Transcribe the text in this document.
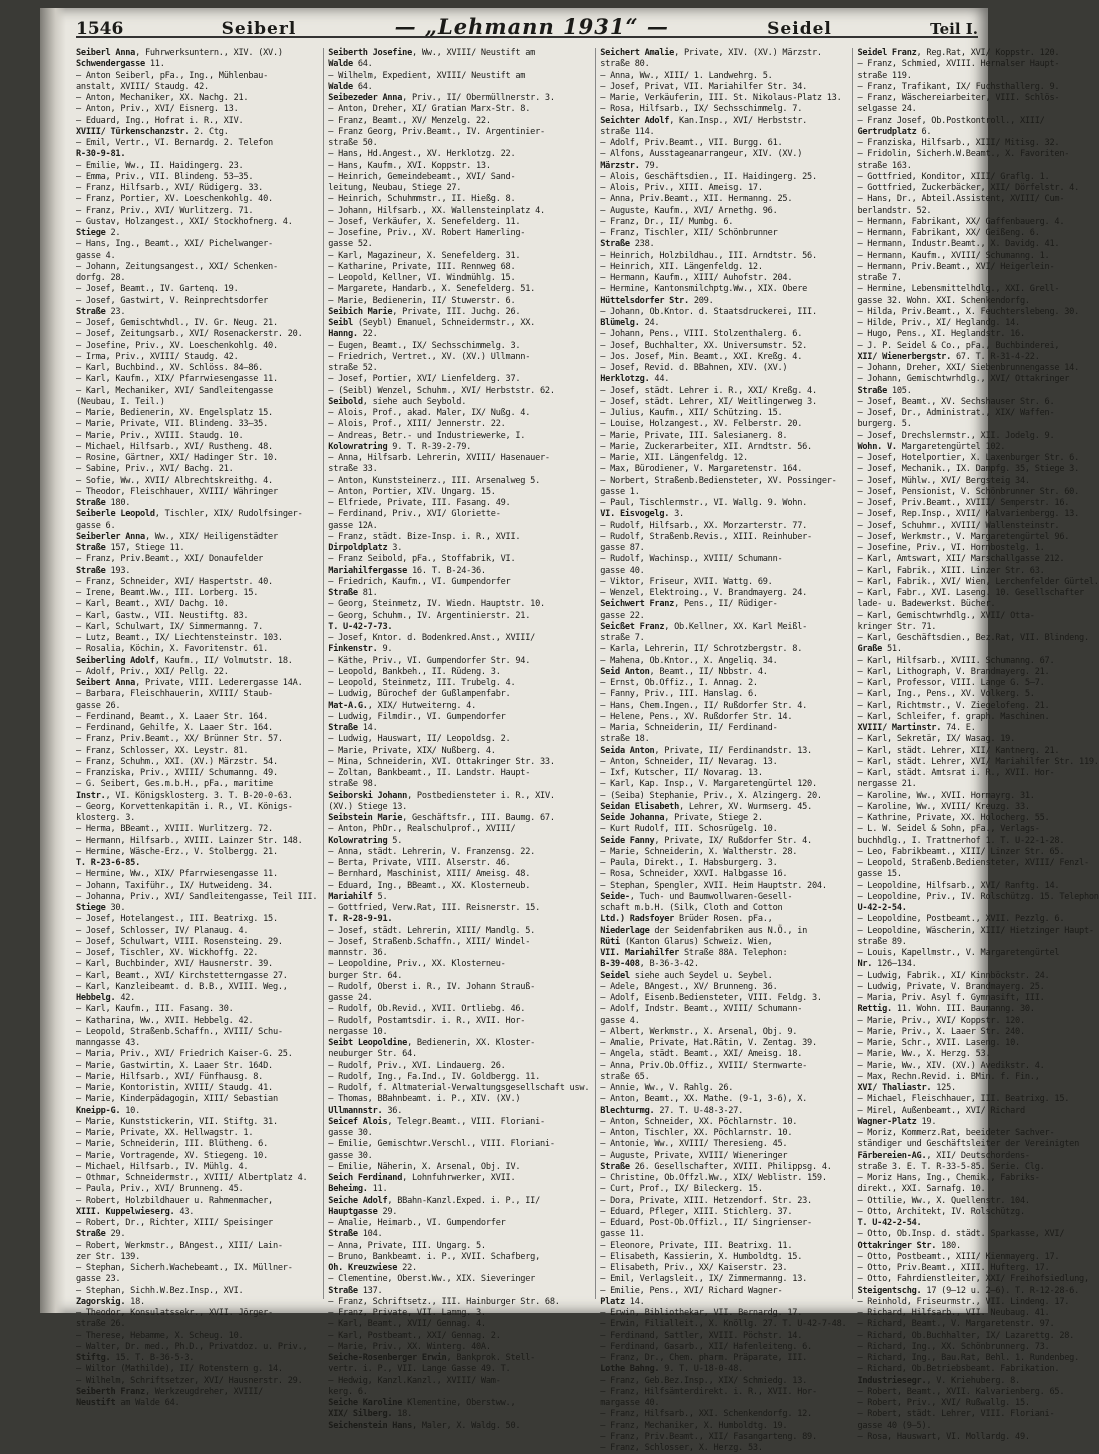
1546	Seiberl	— „Lehmann 1931“ —	Seidel	Teil I.
Seiberl Anna, Fuhrwerksuntern., XIV. (XV.)
Schwendergasse 11.
— Anton Seiberl, pFa., Ing., Mühlenbau-
anstalt, XVIII/ Staudg. 42.
— Anton, Mechaniker, XX. Nachg. 21.
— Anton, Priv., XVI/ Eisnerg. 13.
— Eduard, Ing., Hofrat i. R., XIV.
XVIII/ Türkenschanzstr. 2. Ctg.
— Emil, Vertr., VI. Bernardg. 2. Telefon
R-30-9-81.
— Emilie, Ww., II. Haidingerg. 23.
— Emma, Priv., VII. Blindeng. 53–35.
— Franz, Hilfsarb., XVI/ Rüdigerg. 33.
— Franz, Portier, XV. Loeschenkohlg. 40.
— Franz, Priv., XVI/ Wurlitzerg. 71.
— Gustav, Holzangest., XXI/ Stockhofnerg. 4.
Stiege 2.
— Hans, Ing., Beamt., XXI/ Pichelwanger-
gasse 4.
— Johann, Zeitungsangest., XXI/ Schenken-
dorfg. 28.
— Josef, Beamt., IV. Gartenq. 19.
— Josef, Gastwirt, V. Reinprechtsdorfer
Straße 23.
— Josef, Gemischtwhdl., IV. Gr. Neug. 21.
— Josef, Zeitungsarb., XVI/ Rosenackerstr. 20.
— Josefine, Priv., XV. Loeschenkohlg. 40.
— Irma, Priv., XVIII/ Staudg. 42.
— Karl, Buchbind., XV. Schlöss. 84–86.
— Karl, Kaufm., XIX/ Pfarrwiesengasse 11.
— Karl, Mechaniker, XVI/ Sandleitengasse
(Neubau, I. Teil.)
— Marie, Bedienerin, XV. Engelsplatz 15.
— Marie, Private, VII. Blindeng. 33–35.
— Marie, Priv., XVIII. Staudg. 10.
— Michael, Hilfsarb., XVI/ Rustheng. 48.
— Rosine, Gärtner, XXI/ Hadinger Str. 10.
— Sabine, Priv., XVI/ Bachg. 21.
— Sofie, Ww., XVII/ Albrechtskreithg. 4.
— Theodor, Fleischhauer, XVIII/ Währinger
Straße 180.
Seiberle Leopold, Tischler, XIX/ Rudolfsinger-
gasse 6.
Seiberler Anna, Ww., XIX/ Heiligenstädter
Straße 157, Stiege 11.
— Franz, Priv.Beamt., XXI/ Donaufelder
Straße 193.
— Franz, Schneider, XVI/ Haspertstr. 40.
— Irene, Beamt.Ww., III. Lorberg. 15.
— Karl, Beamt., XVI/ Dachg. 10.
— Karl, Gastw., VII. Neustiftg. 83.
— Karl, Schulwart, IX/ Simmermanng. 7.
— Lutz, Beamt., IX/ Liechtensteinstr. 103.
— Rosalia, Köchin, X. Favoritenstr. 61.
Seiberling Adolf, Kaufm., II/ Volmutstr. 18.
— Adolf, Priv., XXI/ Pellg. 22.
Seibert Anna, Private, VIII. Lederergasse 14A.
— Barbara, Fleischhauerin, XVIII/ Staub-
gasse 26.
— Ferdinand, Beamt., X. Laaer Str. 164.
— Ferdinand, Gehilfe, X. Laaer Str. 164.
— Franz, Priv.Beamt., XX/ Brünner Str. 57.
— Franz, Schlosser, XX. Leystr. 81.
— Franz, Schuhm., XXI. (XV.) Märzstr. 54.
— Franziska, Priv., XVIII/ Schumanng. 49.
— G. Seibert, Ges.m.b.H., pFa., maritime
Instr., VI. Königsklosterg. 3. T. B-20-0-63.
— Georg, Korvettenkapitän i. R., VI. Königs-
klosterg. 3.
— Herma, BBeamt., XVIII. Wurlitzerg. 72.
— Hermann, Hilfsarb., XVIII. Lainzer Str. 148.
— Hermine, Wäsche-Erz., V. Stolbergg. 21.
T. R-23-6-85.
— Hermine, Ww., XIX/ Pfarrwiesengasse 11.
— Johann, Taxiführ., IX/ Hutweideng. 34.
— Johanna, Priv., XVI/ Sandleitengasse, Teil III.
Stiege 30.
— Josef, Hotelangest., III. Beatrixg. 15.
— Josef, Schlosser, IV/ Planaug. 4.
— Josef, Schulwart, VIII. Rosensteing. 29.
— Josef, Tischler, XV. Wickhoffg. 22.
— Karl, Buchbinder, XVI/ Hausnerstr. 39.
— Karl, Beamt., XVI/ Kirchstetterngasse 27.
— Karl, Kanzleibeamt. d. B.B., XVIII. Weg.,
Hebbelg. 42.
— Karl, Kaufm., III. Fasang. 30.
— Katharina, Ww., XVII. Hebbelg. 42.
— Leopold, Straßenb.Schaffn., XVIII/ Schu-
manngasse 43.
— Maria, Priv., XVI/ Friedrich Kaiser-G. 25.
— Marie, Gastwirtin, X. Laaer Str. 164D.
— Marie, Hilfsarb., XVI/ Fünfhausg. 8.
— Marie, Kontoristin, XVIII/ Staudg. 41.
— Marie, Kinderpädagogin, XIII/ Sebastian
Kneipp-G. 10.
— Marie, Kunststickerin, VII. Stiftg. 31.
— Marie, Private, XX. Hellwagstr. 1.
— Marie, Schneiderin, III. Blütheng. 6.
— Marie, Vortragende, XV. Stiegeng. 10.
— Michael, Hilfsarb., IV. Mühlg. 4.
— Othmar, Schneidermstr., XVIII/ Albertplatz 4.
— Paula, Priv., XVI/ Brunneng. 45.
— Robert, Holzbildhauer u. Rahmenmacher,
XIII. Kuppelwieserg. 43.
— Robert, Dr., Richter, XIII/ Speisinger
Straße 29.
— Robert, Werkmstr., BAngest., XIII/ Lain-
zer Str. 139.
— Stephan, Sicherh.Wachebeamt., IX. Müllner-
gasse 23.
— Stephan, Sichh.W.Bez.Insp., XVI.
Zagorskig. 18.
— Theodor, Konsulatssekr., XVII. Jörger-
straße 26.
— Therese, Hebamme, X. Scheug. 10.
— Walter, Dr. med., Ph.D., Privatdoz. u. Priv.,
Stiftg. 15. T. B-36-5-3.
— Wiltor (Mathilde), II/ Rotenstern g. 14.
— Wilhelm, Schriftsetzer, XVI/ Hausnerstr. 29.
Seiberth Franz, Werkzeugdreher, XVIII/
Neustift am Walde 64.
Seiberth Josefine, Ww., XVIII/ Neustift am
Walde 64.
— Wilhelm, Expedient, XVIII/ Neustift am
Walde 64.
Seibezeder Anna, Priv., II/ Obermüllnerstr. 3.
— Anton, Dreher, XI/ Gratian Marx-Str. 8.
— Franz, Beamt., XV/ Menzelg. 22.
— Franz Georg, Priv.Beamt., IV. Argentinier-
straße 50.
— Hans, Hd.Angest., XV. Herklotzg. 22.
— Hans, Kaufm., XVI. Koppstr. 13.
— Heinrich, Gemeindebeamt., XVI/ Sand-
leitung, Neubau, Stiege 27.
— Heinrich, Schuhmmstr., II. Hießg. 8.
— Johann, Hilfsarb., XX. Wallensteinplatz 4.
— Josef, Verkäufer, X. Senefelderg. 11.
— Josefine, Priv., XV. Robert Hamerling-
gasse 52.
— Karl, Magazineur, X. Senefelderg. 31.
— Katharine, Private, III. Rennweg 68.
— Leopold, Kellner, VI. Windmühlg. 15.
— Margarete, Handarb., X. Senefelderg. 51.
— Marie, Bedienerin, II/ Stuwerstr. 6.
Seibich Marie, Private, III. Juchg. 26.
Seibl (Seybl) Emanuel, Schneidermstr., XX.
Hanng. 22.
— Eugen, Beamt., IX/ Sechsschimmelg. 3.
— Friedrich, Vertret., XV. (XV.) Ullmann-
straße 52.
— Josef, Portier, XVI/ Lienfelderg. 37.
— (Seibl) Wenzel, Schuhm., XVI/ Herbststr. 62.
Seibold, siehe auch Seybold.
— Alois, Prof., akad. Maler, IX/ Nußg. 4.
— Alois, Prof., XIII/ Jennerstr. 22.
— Andreas, Betr.- und Industriewerke, I.
Kolowratring 9. T. R-39-2-79.
— Anna, Hilfsarb. Lehrerin, XVIII/ Hasenauer-
straße 33.
— Anton, Kunststeinerz., III. Arsenalweg 5.
— Anton, Portier, XIV. Ungarg. 15.
— Elfriede, Private, III. Fasang. 49.
— Ferdinand, Priv., XVI/ Gloriette-
gasse 12A.
— Franz, städt. Bize-Insp. i. R., XVII.
Dirpoldplatz 3.
— Franz Seibold, pFa., Stoffabrik, VI.
Mariahilfergasse 16. T. B-24-36.
— Friedrich, Kaufm., VI. Gumpendorfer
Straße 81.
— Georg, Steinmetz, IV. Wiedn. Hauptstr. 10.
— Georg, Schuhm., IV. Argentinierstr. 21.
T. U-42-7-73.
— Josef, Kntor. d. Bodenkred.Anst., XVIII/
Finkenstr. 9.
— Käthe, Priv., VI. Gumpendorfer Str. 94.
— Leopold, Bankbeh., II. Rüdeng. 3.
— Leopold, Steinmetz, III. Trubelg. 4.
— Ludwig, Bürochef der Gußlampenfabr.
Mat-A.G., XIX/ Hutweiterng. 4.
— Ludwig, Filmdir., VI. Gumpendorfer
Straße 14.
— Ludwig, Hauswart, II/ Leopoldsg. 2.
— Marie, Private, XIX/ Nußberg. 4.
— Mina, Schneiderin, XVI. Ottakringer Str. 33.
— Zoltan, Bankbeamt., II. Landstr. Haupt-
straße 98.
Seiborski Johann, Postbediensteter i. R., XIV.
(XV.) Stiege 13.
Seibstein Marie, Geschäftsfr., III. Baumg. 67.
— Anton, PhDr., Realschulprof., XVIII/
Kolowratring 5.
— Anna, städt. Lehrerin, V. Franzensg. 22.
— Berta, Private, VIII. Alserstr. 46.
— Bernhard, Maschinist, XIII/ Ameisg. 48.
— Eduard, Ing., BBeamt., XX. Klosterneub.
Mariahilf 5.
— Gottfried, Verw.Rat, III. Reisnerstr. 15.
T. R-28-9-91.
— Josef, städt. Lehrerin, XIII/ Mandlg. 5.
— Josef, Straßenb.Schaffn., XIII/ Windel-
mannstr. 36.
— Leopoldine, Priv., XX. Klosterneu-
burger Str. 64.
— Rudolf, Oberst i. R., IV. Johann Strauß-
gasse 24.
— Rudolf, Ob.Revid., XVII. Ortliebg. 46.
— Rudolf, Postamtsdir. i. R., XVII. Hor-
nergasse 10.
Seibt Leopoldine, Bedienerin, XX. Kloster-
neuburger Str. 64.
— Rudolf, Priv., XVI. Lindauerg. 26.
— Rudolf, Ing., Fa.Ind., IV. Goldbergg. 11.
— Rudolf, f. Altmaterial-Verwaltungsgesellschaft usw.
— Thomas, BBahnbeamt. i. P., XIV. (XV.)
Ullmannstr. 36.
Seicef Alois, Telegr.Beamt., VIII. Floriani-
gasse 30.
— Emilie, Gemischtwr.Verschl., VIII. Floriani-
gasse 30.
— Emilie, Näherin, X. Arsenal, Obj. IV.
Seich Ferdinand, Lohnfuhrwerker, XVII.
Beheimg. 11.
Seiche Adolf, BBahn-Kanzl.Exped. i. P., II/
Hauptgasse 29.
— Amalie, Heimarb., VI. Gumpendorfer
Straße 104.
— Anna, Private, III. Ungarg. 5.
— Bruno, Bankbeamt. i. P., XVII. Schafberg,
Oh. Kreuzwiese 22.
— Clementine, Oberst.Ww., XIX. Sieveringer
Straße 137.
— Franz, Schriftsetz., III. Hainburger Str. 68.
— Franz, Private, VII. Lammg. 3.
— Karl, Beamt., XVII/ Gennag. 4.
— Karl, Postbeamt., XXI/ Gennag. 2.
— Marie, Priv., XX. Winterg. 40A.
Seiche-Rosenberger Erwin, Bankprok. Stell-
vertr. i. P., VII. Lange Gasse 49. T.
— Hedwig, Kanzl.Kanzl., XVIII/ Wam-
kerg. 6.
Seiche Karoline Klementine, Oberstww.,
XIX/ Silberg. 18.
Seichenstein Hans, Maler, X. Waldg. 50.
Seichert Amalie, Private, XIV. (XV.) Märzstr.
straße 80.
— Anna, Ww., XIII/ 1. Landwehrg. 5.
— Josef, Privat, VII. Mariahilfer Str. 34.
— Marie, Verkäuferin, III. St. Nikolaus-Platz 13.
— Rosa, Hilfsarb., IX/ Sechsschimmelg. 7.
Seichter Adolf, Kan.Insp., XVI/ Herbststr.
straße 114.
— Adolf, Priv.Beamt., VII. Burgg. 61.
— Alfons, Ausstageanarrangeur, XIV. (XV.)
Märzstr. 79.
— Alois, Geschäftsdien., II. Haidingerg. 25.
— Alois, Priv., XIII. Ameisg. 17.
— Anna, Priv.Beamt., XII. Hermanng. 25.
— Auguste, Kaufm., XVI/ Arnethg. 96.
— Franz, Dr., II/ Mumbg. 6.
— Franz, Tischler, XII/ Schönbrunner
Straße 238.
— Heinrich, Holzbildhau., III. Arndtstr. 56.
— Heinrich, XII. Längenfeldg. 12.
— Hermann, Kaufm., XIII/ Auhofstr. 204.
— Hermine, Kantonsmilchptg.Ww., XIX. Obere
Hüttelsdorfer Str. 209.
— Johann, Ob.Kntor. d. Staatsdruckerei, III.
Blümelg. 24.
— Johann, Pens., VIII. Stolzenthalerg. 6.
— Josef, Buchhalter, XX. Universumstr. 52.
— Jos. Josef, Min. Beamt., XXI. Kreßg. 4.
— Josef, Revid. d. BBahnen, XIV. (XV.)
Herklotzg. 44.
— Josef, städt. Lehrer i. R., XXI/ Kreßg. 4.
— Josef, städt. Lehrer, XI/ Weitlingerweg 3.
— Julius, Kaufm., XII/ Schützing. 15.
— Louise, Holzangest., XV. Felberstr. 20.
— Marie, Private, III. Salesianerg. 8.
— Marie, Zuckerarbeiter, XII. Arndtstr. 56.
— Marie, XII. Längenfeldg. 12.
— Max, Bürodiener, V. Margaretenstr. 164.
— Norbert, Straßenb.Bediensteter, XV. Possinger-
gasse 1.
— Paul, Tischlermstr., VI. Wallg. 9. Wohn.
VI. Eisvogelg. 3.
— Rudolf, Hilfsarb., XX. Morzarterstr. 77.
— Rudolf, Straßenb.Revis., XIII. Reinhuber-
gasse 87.
— Rudolf, Wachinsp., XVIII/ Schumann-
gasse 40.
— Viktor, Friseur, XVII. Wattg. 69.
— Wenzel, Elektroing., V. Brandmayerg. 24.
Seichwert Franz, Pens., II/ Rüdiger-
gasse 22.
Seicßet Franz, Ob.Kellner, XX. Karl Meißl-
straße 7.
— Karla, Lehrerin, II/ Schrotzbergstr. 8.
— Mahena, Ob.Kntor., X. Angeliq. 34.
Seid Anton, Beamt., II/ Nbbstr. 4.
— Ernst, Ob.Offiz., I. Annag. 2.
— Fanny, Priv., III. Hanslag. 6.
— Hans, Chem.Ingen., II/ Rußdorfer Str. 4.
— Helene, Pens., XV. Rußdorfer Str. 14.
— Maria, Schneiderin, II/ Ferdinand-
straße 18.
Seida Anton, Private, II/ Ferdinandstr. 13.
— Anton, Schneider, II/ Nevarag. 13.
— Ixf, Kutscher, II/ Novarag. 13.
— Karl, Kap. Insp., V. Margaretengürtel 120.
— (Seiba) Stephanie, Priv., X. Alzingerg. 20.
Seidan Elisabeth, Lehrer, XV. Wurmserg. 45.
Seide Johanna, Private, Stiege 2.
— Kurt Rudolf, III. Schosrügelg. 10.
Seide Fanny, Private, IX/ Rußdorfer Str. 4.
— Marie, Schneiderin, X. Waltherstr. 28.
— Paula, Direkt., I. Habsburgerg. 3.
— Rosa, Schneider, XXVI. Halbgasse 16.
— Stephan, Spengler, XVII. Heim Hauptstr. 204.
Seide-, Tuch- und Baumwollwaren-Gesell-
schaft m.b.H. (Silk, Cloth and Cotton
Ltd.) Radsfoyer Brüder Rosen. pFa.,
Niederlage der Seidenfabriken aus N.Ö., in
Rüti (Kanton Glarus) Schweiz. Wien,
VII. Mariahilfer Straße 88A. Telephon:
B-39-408, B-36-3-42.
Seidel siehe auch Seydel u. Seybel.
— Adele, BAngest., XV/ Brunneng. 36.
— Adolf, Eisenb.Bediensteter, VIII. Feldg. 3.
— Adolf, Indstr. Beamt., XVIII/ Schumann-
gasse 4.
— Albert, Werkmstr., X. Arsenal, Obj. 9.
— Amalie, Private, Hat.Rätin, V. Zentag. 39.
— Angela, städt. Beamt., XXI/ Ameisg. 18.
— Anna, Priv.Ob.Offiz., XVIII/ Sternwarte-
straße 65.
— Annie, Ww., V. Rahlg. 26.
— Anton, Beamt., XX. Mathe. (9-1, 3-6), X.
Blechturmg. 27. T. U-48-3-27.
— Anton, Schneider, XX. Pöchlarnstr. 10.
— Anton, Tischler, XX. Pöchlarnstr. 10.
— Antonie, Ww., XVIII/ Theresieng. 45.
— Auguste, Private, XVIII/ Wieneringer
Straße 26. Gesellschafter, XVIII. Philippsg. 4.
— Christine, Ob.Offzl.Ww., XIX/ Weblistr. 159.
— Curt, Prof., IX/ Bileckerg. 15.
— Dora, Private, XIII. Hetzendorf. Str. 23.
— Eduard, Pfleger, XIII. Stichlerg. 37.
— Eduard, Post-Ob.Offizl., II/ Singrienser-
gasse 11.
— Eleonore, Private, III. Beatrixg. 11.
— Elisabeth, Kassierin, X. Humboldtg. 15.
— Elisabeth, Priv., XX/ Kaiserstr. 23.
— Emil, Verlagsleit., IX/ Zimmermanng. 13.
— Emilie, Pens., XVI/ Richard Wagner-
Platz 14.
— Erwin, Bibliothekar, VII. Bernardg. 17.
— Erwin, Filialleit., X. Knöllg. 27. T. U-42-7-48.
— Ferdinand, Sattler, XVIII. Pöchstr. 14.
— Ferdinand, Gasarb., XII/ Hafenleiteng. 6.
— Franz, Dr., Chem. pharm. Präparate, III.
Lothe Bahng. 9. T. U-18-0-48.
— Franz, Geb.Bez.Insp., XIX/ Schmiedg. 13.
— Franz, Hilfsämterdirekt. i. R., XVII. Hor-
margasse 40.
— Franz, Hilfsarb., XXI. Schenkendorfg. 12.
— Franz, Mechaniker, X. Humboldtg. 19.
— Franz, Priv.Beamt., XII/ Fasangarteng. 89.
— Franz, Schlosser, X. Herzg. 53.
Seidel Franz, Reg.Rat, XVI/ Koppstr. 120.
— Franz, Schmied, XVIII. Hernalser Haupt-
straße 119.
— Franz, Trafikant, IX/ Fuchsthallerg. 9.
— Franz, Wäschereiarbeiter, VIII. Schlös-
selgasse 24.
— Franz Josef, Ob.Postkontroll., XIII/
Gertrudplatz 6.
— Franziska, Hilfsarb., XIII/ Mitisg. 32.
— Fridolin, Sicherh.W.Beamt., X. Favoriten-
straße 163.
— Gottfried, Konditor, XIII/ Graflg. 1.
— Gottfried, Zuckerbäcker, XII/ Dörfelstr. 4.
— Hans, Dr., Abteil.Assistent, XVIII/ Cum-
berlandstr. 52.
— Hermann, Fabrikant, XX/ Gaffenbauerg. 4.
— Hermann, Fabrikant, XX/ Geißeng. 6.
— Hermann, Industr.Beamt., X. Davidg. 41.
— Hermann, Kaufm., XVIII/ Schumanng. 1.
— Hermann, Priv.Beamt., XVI/ Heigerlein-
straße 7.
— Hermine, Lebensmittelhdlg., XXI. Grell-
gasse 32. Wohn. XXI. Schenkendorfg.
— Hilda, Priv.Beamt., X. Feuchterslebeng. 30.
— Hilde, Priv., XI/ Heglandg. 14.
— Hugo, Pens., XI. Heglandstr. 16.
— J. P. Seidel & Co., pFa., Buchbinderei,
XII/ Wienerbergstr. 67. T. R-31-4-22.
— Johann, Dreher, XXI/ Siebenbrunnengasse 14.
— Johann, Gemischtwrhdlg., XVI/ Ottakringer
Straße 105.
— Josef, Beamt., XV. Sechshauser Str. 6.
— Josef, Dr., Administrat., XIX/ Waffen-
burgerg. 5.
— Josef, Drechslermstr., XII. Jodelg. 9.
Wohn. V. Margaretengürtel 102.
— Josef, Hotelportier, X. Laxenburger Str. 6.
— Josef, Mechanik., IX. Dampfg. 35, Stiege 3.
— Josef, Mühlw., XVI/ Bergsteig 34.
— Josef, Pensionist, V. Schönbrunner Str. 60.
— Josef, Priv.Beamt., XVIII/ Semperstr. 16.
— Josef, Rep.Insp., XVII/ Kalvarienbergg. 13.
— Josef, Schuhmr., XVIII/ Wallensteinstr.
— Josef, Werkmstr., V. Margaretengürtel 96.
— Josefine, Priv., VI. Hornbostelg. 1.
— Karl, Amtswart, XII/ Marschallgasse 212.
— Karl, Fabrik., XIII. Linzer Str. 63.
— Karl, Fabrik., XVI/ Wien, Lerchenfelder Gürtel.
— Karl, Fabr., XVI. Laseng. 10. Gesellschafter
lade- u. Badewerkst. Bücher.
— Karl, Gemischtwrhdlg., XVII/ Otta-
kringer Str. 71.
— Karl, Geschäftsdien., Bez.Rat, VII. Blindeng.
Graße 51.
— Karl, Hilfsarb., XVIII. Schumanng. 67.
— Karl, Lithograph, V. Brandmayerg. 21.
— Karl, Professor, VIII. Lange G. 5–7.
— Karl, Ing., Pens., XV. Volkerg. 5.
— Karl, Richtmstr., V. Ziegelofeng. 21.
— Karl, Schleifer, f. graph. Maschinen.
XVIII/ Martinstr. 74. E.
— Karl, Sekretär, IX/ Wasag. 19.
— Karl, städt. Lehrer, XII/ Kantnerg. 21.
— Karl, städt. Lehrer, XVI/ Mariahilfer Str. 119.
— Karl, städt. Amtsrat i. R., XVII. Hor-
nergasse 21.
— Karoline, Ww., XVII. Hormayrg. 31.
— Karoline, Ww., XVIII/ Kreuzg. 33.
— Kathrine, Private, XX. Holocherg. 55.
— L. W. Seidel & Sohn, pFa., Verlags-
buchhdlg., I. Trattnerhof 1. T. U-22-1-28.
— Leo, Fabrikbeamt., XIII/ Linzer Str. 65.
— Leopold, Straßenb.Bediensteter, XVIII/ Fenzl-
gasse 15.
— Leopoldine, Hilfsarb., XVI/ Ranftg. 14.
— Leopoldine, Priv., IV. Rolschützg. 15. Telephon
U-42-2-54.
— Leopoldine, Postbeamt., XVII. Pezzlg. 6.
— Leopoldine, Wäscherin, XIII/ Hietzinger Haupt-
straße 89.
— Louis, Kapellmstr., V. Margaretengürtel
Nr. 126–134.
— Ludwig, Fabrik., XI/ Kinnböckstr. 24.
— Ludwig, Private, V. Brandmayerg. 25.
— Maria, Priv. Asyl f. Gymnasift, III.
Rettig. 11. Wohn. III. Baumanng. 30.
— Marie, Priv., XVI/ Koppstr. 120.
— Marie, Priv., X. Laaer Str. 240.
— Marie, Schr., XVII. Laseng. 10.
— Marie, Ww., X. Herzg. 53.
— Marie, Ww., XIV. (XV.) Avedikstr. 4.
— Max, Rechn.Revid. i. BMin. f. Fin.,
XVI/ Thaliastr. 125.
— Michael, Fleischhauer, III. Beatrixg. 15.
— Mirel, Außenbeamt., XVI/ Richard
Wagner-Platz 19.
— Moriz, Kommerz.Rat, beeideter Sachver-
ständiger und Geschäftsleiter der Vereinigten
Färbereien-AG., XII/ Deutschordens-
straße 3. E. T. R-33-5-85. Serie. Clg.
— Moriz Hans, Ing., Chemik., Fabriks-
direkt., XXI. Sarnafg. 10.
— Ottilie, Ww., X. Quellenstr. 104.
— Otto, Architekt, IV. Rolschützg.
T. U-42-2-54.
— Otto, Ob.Insp. d. städt. Sparkasse, XVI/
Ottakringer Str. 180.
— Otto, Postbeamt., XIII/ Kienmayerg. 17.
— Otto, Priv.Beamt., XIII. Hufterg. 17.
— Otto, Fahrdienstleiter, XXI/ Freihofsiedlung,
Steigentschg. 17 (9–12 u. 2–6). T. R-12-28-6.
— Reinhold, Friseurmstr., VII. Lindeng. 17.
— Richard, Hilfsarb., VII. Neubaug. 41.
— Richard, Beamt., V. Margaretenstr. 97.
— Richard, Ob.Buchhalter, IX/ Lazarettg. 28.
— Richard, Ing., XX. Schönbrunnerg. 73.
— Richard, Ing., Bau.Rat, Behl. 1. Rundenbeg.
— Richard, Ob.Betriebsbeamt. Fabrikation.
Industriesegr., V. Kriehuberg. 8.
— Robert, Beamt., XVII. Kalvarienberg. 65.
— Robert, Priv., XVI/ Rußwallg. 15.
— Robert, städt. Lehrer, VIII. Floriani-
gasse 40 (9–5).
— Rosa, Hauswart, VI. Mollardg. 49.
